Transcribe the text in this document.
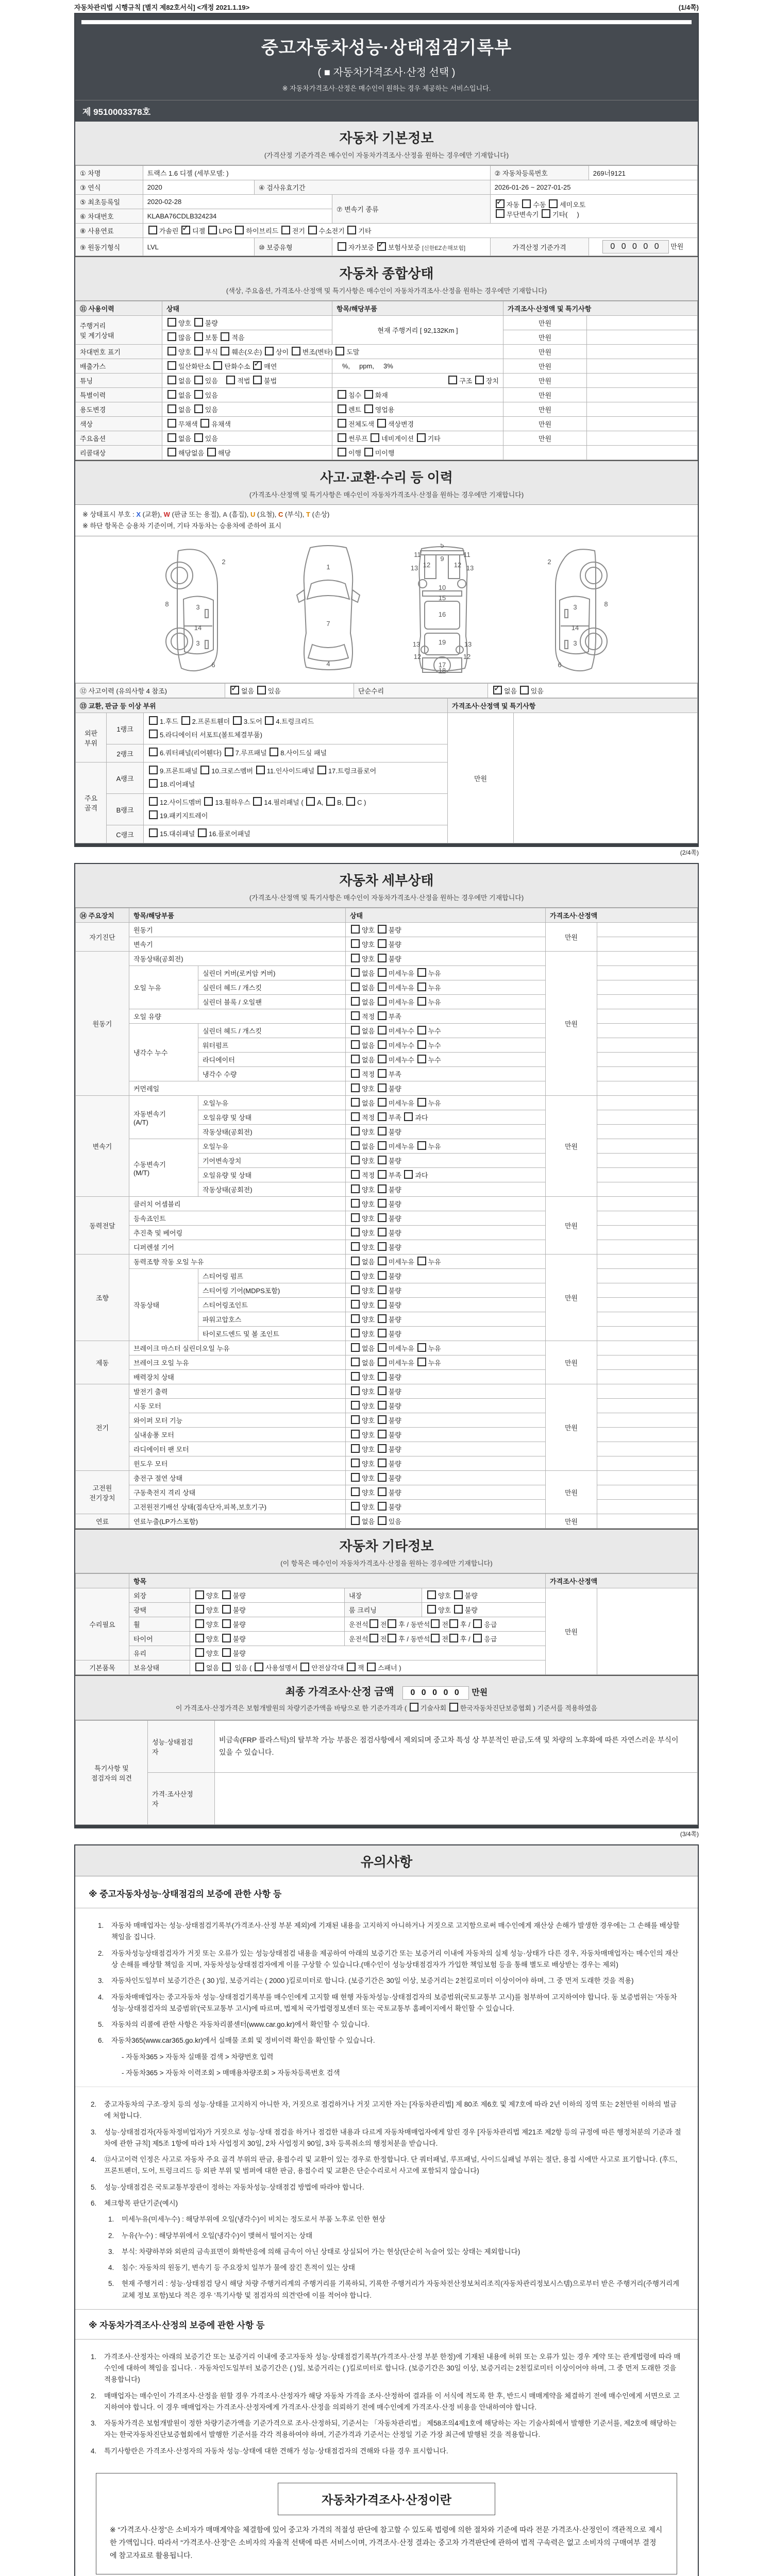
자동차관리법 시행규칙 [별지 제82호서식] <개정 2021.1.19>	(1/4쪽)
중고자동차성능·상태점검기록부
( ■ 자동차가격조사·산정 선택 )
※ 자동차가격조사·산정은 매수인이 원하는 경우 제공하는 서비스입니다.
제 9510003378호
자동차 기본정보
(가격산정 기준가격은 매수인이 자동차가격조사·산정을 원하는 경우에만 기재합니다)
① 차명	트랙스 1.6 디젤 (세부모델: )			② 자동차등록번호	269너9121
③ 연식	2020	④ 검사유효기간		2026-01-26 ~ 2027-01-25	
⑤ 최초등록일	2020-02-28		⑦ 변속기 종류	✓자동 수동 세미오토
무단변속기 기타(     )
⑥ 차대번호	KLABA76CDLB324234				
⑧ 사용연료	가솔린 ✓디젤 LPG 하이브리드 전기 수소전기 기타
⑨ 원동기형식	LVL	⑩ 보증유형	자가보증 ✓보험사보증 [신한EZ손해보험]	가격산정 기준가격	0 0 0 0 0 만원
자동차 종합상태
(색상, 주요옵션, 가격조사·산정액 및 특기사항은 매수인이 자동차가격조사·산정을 원하는 경우에만 기재합니다)
⑪ 사용이력	상태	항목/해당부품	가격조사·산정액 및 특기사항	
주행거리
및 계기상태	양호 불량	현재 주행거리 [ 92,132Km ]	만원	
	많음 보통 적음		만원	
차대번호 표기	양호 부식 훼손(오손) 상이 변조(변타) 도말		만원	
배출가스	일산화탄소 탄화수소 ✓매연	%,     ppm,     3%	만원	
튜닝	없음 있음    적법 불법	구조 장치	만원	
특별이력	없음 있음	침수 화재	만원	
용도변경	없음 있음	렌트 영업용	만원	
색상	무채색 유채색	전체도색 색상변경	만원	
주요옵션	없음 있음	썬루프 네비게이션 기타	만원	
리콜대상	해당없음 해당	이행 미이행		
사고·교환·수리 등 이력
(가격조사·산정액 및 특기사항은 매수인이 자동차가격조사·산정을 원하는 경우에만 기재합니다)
※ 상태표시 부호 : X (교환), W (판금 또는 용접), A (흠집), U (요철), C (부식), T (손상)
※ 하단 항목은 승용차 기준이며, 기타 자동차는 승용차에 준하여 표시
2
8	3
14
3
6
1
7
4
5
9
11	11
13	13
12	12
10
15
16
19
13	13
12	12
17
18
2
8
3
14
3
6
⑫ 사고이력 (유의사항 4 참조)	✓없음 있음	단순수리	✓없음 있음
⑬ 교환, 판금 등 이상 부위			가격조사·산정액 및 특기사항	
외판
부위	1랭크	1.후드 2.프론트휀더 3.도어 4.트렁크리드
5.라디에이터 서포트(볼트체결부품)	만원	
	2랭크	6.쿼터패널(리어휀다) 7.루프패널 8.사이드실 패널		
주요
골격	A랭크	9.프론트패널 10.크로스멤버 11.인사이드패널 17.트렁크플로어
18.리어패널		
	B랭크	12.사이드멤버 13.휠하우스 14.필러패널 ( A, B, C )
19.패키지트레이		
	C랭크	15.대쉬패널 16.플로어패널		
(2/4쪽)
자동차 세부상태
(가격조사·산정액 및 특기사항은 매수인이 자동차가격조사·산정을 원하는 경우에만 기재합니다)
⑭ 주요장치	항목/해당부품		상태	가격조사·산정액	
자기진단	원동기		양호 불량	만원	
	변속기		양호 불량		
원동기	작동상태(공회전)		양호 불량	만원	
	오일 누유	실린더 커버(로커암 커버)	없음 미세누유 누유		
		실린더 헤드 / 개스킷	없음 미세누유 누유		
		실린더 블록 / 오일팬	없음 미세누유 누유		
	오일 유량		적정 부족		
	냉각수 누수	실린더 헤드 / 개스킷	없음 미세누수 누수		
		워터펌프	없음 미세누수 누수		
		라디에이터	없음 미세누수 누수		
		냉각수 수량	적정 부족		
	커먼레일		양호 불량		
변속기	자동변속기
(A/T)	오일누유	없음 미세누유 누유	만원	
		오일유량 및 상태	적정 부족 과다		
		작동상태(공회전)	양호 불량		
	수동변속기
(M/T)	오일누유	없음 미세누유 누유		
		기어변속장치	양호 불량		
		오일유량 및 상태	적정 부족 과다		
		작동상태(공회전)	양호 불량		
동력전달	클러치 어셈블리		양호 불량	만원	
	등속죠인트		양호 불량		
	추진축 및 베어링		양호 불량		
	디퍼렌셜 기어		양호 불량		
조향	동력조향 작동 오일 누유		없음 미세누유 누유	만원	
	작동상태	스티어링 펌프	양호 불량		
		스티어링 기어(MDPS포함)	양호 불량		
		스티어링조인트	양호 불량		
		파워고압호스	양호 불량		
		타이로드엔드 및 볼 조인트	양호 불량		
제동	브레이크 마스터 실린더오일 누유		없음 미세누유 누유	만원	
	브레이크 오일 누유		없음 미세누유 누유		
	배력장치 상태		양호 불량		
전기	발전기 출력		양호 불량	만원	
	시동 모터		양호 불량		
	와이퍼 모터 기능		양호 불량		
	실내송풍 모터		양호 불량		
	라디에이터 팬 모터		양호 불량		
	윈도우 모터		양호 불량		
고전원
전기장치	충전구 절연 상태		양호 불량	만원	
	구동축전지 격리 상태		양호 불량		
	고전원전기배선 상태(접속단자,피복,보호기구)		양호 불량		
연료	연료누출(LP가스포함)		없음 있음	만원	
자동차 기타정보
(이 항목은 매수인이 자동차가격조사·산정을 원하는 경우에만 기재합니다)
	항목				가격조사·산정액	
수리필요	외장	양호 불량	내장	양호 불량	만원	
	광택	양호 불량	룸 크리닝	양호 불량		
	휠	양호 불량	운전석 전 후 / 동반석 전 후 / 응급			
	타이어	양호 불량	운전석 전 후 / 동반석 전 후 / 응급			
	유리	양호 불량				
기본품목	보유상태	없음  있음 ( 사용설명서 안전삼각대 잭 스패너 )				
최종 가격조사·산정 금액 0 0 0 0 0 만원
이 가격조사·산정가격은 보험개발원의 차량기준가액을 바탕으로 한 기준가격과 ( 기술사회 한국자동차진단보증협회 ) 기준서를 적용하였음
특기사항 및
점검자의 의견	성능·상태점검
자	비금속(FRP 플라스틱)의 탈부착 가능 부품은 점검사항에서 제외되며 중고차 특성 상 부분적인 판금,도색 및 차량의 노후화에 따른 자연스러운 부식이 있을 수 있습니다.
	가격·조사산정
자	
(3/4쪽)
유의사항
※ 중고자동차성능·상태점검의 보증에 관한 사항 등
1.	자동차 매매업자는 성능·상태점검기록부(가격조사·산정 부분 제외)에 기재된 내용을 고지하지 아니하거나 거짓으로 고지함으로써 매수인에게 재산상 손해가 발생한 경우에는 그 손해를 배상할 책임을 집니다.
2.	자동차성능상태점검자가 거짓 또는 오류가 있는 성능상태점검 내용을 제공하여 아래의 보증기간 또는 보증거리 이내에 자동차의 실제 성능·상태가 다른 경우, 자동차매매업자는 매수인의 재산상 손해를 배상할 책임을 지며, 자동차성능상태점검자에게 이를 구상할 수 있습니다.(매수인이 성능상태점검자가 가입한 책임보험 등을 통해 별도로 배상받는 경우는 제외)
3.	자동차인도일부터 보증기간은 ( 30 )일, 보증거리는 ( 2000 )킬로미터로 합니다. (보증기간은 30일 이상, 보증거리는 2천킬로미터 이상이어야 하며, 그 중 먼저 도래한 것을 적용)
4.	자동차매매업자는 중고자동차 성능·상태점검기록부를 매수인에게 고지할 때 현행 자동차성능·상태점검자의 보증범위(국토교통부 고시)를 첨부하여 고지하여야 합니다. 동 보증범위는 '자동차성능·상태점검자의 보증범위'(국토교통부 고시)에 따르며, 법제처 국가법령정보센터 또는 국토교통부 홈페이지에서 확인할 수 있습니다.
5.	자동차의 리콜에 관한 사항은 자동차리콜센터(www.car.go.kr)에서 확인할 수 있습니다.
6.	자동차365(www.car365.go.kr)에서 실매물 조회 및 정비이력 확인을 확인할 수 있습니다.
- 자동차365 > 자동차 실매물 검색 > 차량번호 입력
- 자동차365 > 자동차 이력조회 > 매매용차량조회 > 자동차등록번호 검색
2.	중고자동차의 구조·장치 등의 성능·상태를 고지하지 아니한 자, 거짓으로 점검하거나 거짓 고지한 자는 [자동차관리법] 제 80조 제6호 및 제7호에 따라 2년 이하의 징역 또는 2천만원 이하의 벌금에 처합니다.
3.	성능·상태점검자(자동차정비업자)가 거짓으로 성능·상태 점검을 하거나 점검한 내용과 다르게 자동차매매업자에게 알린 경우 [자동차관리법 제21조 제2항 등의 규정에 따른 행정처분의 기준과 절차에 관한 규칙] 제5조 1항에 따라 1차 사업정지 30일, 2차 사업정지 90일, 3차 등록취소의 행정처분을 받습니다.
4.	⑫사고이력 인정은 사고로 자동차 주요 골격 부위의 판금, 용접수리 및 교환이 있는 경우로 한정합니다. 단 쿼터패널, 루프패널, 사이드실패널 부위는 절단, 용접 시에만 사고로 표기합니다. (후드, 프론트펜더, 도어, 트렁크리드 등 외판 부위 및 범퍼에 대한 판금, 용접수리 및 교환은 단순수리로서 사고에 포함되지 않습니다)
5.	성능·상태점검은 국토교통부장관이 정하는 자동차성능·상태점검 방법에 따라야 합니다.
6.	체크항목 판단기준(예시)
1.	미세누유(미세누수) : 해당부위에 오일(냉각수)이 비치는 정도로서 부품 노후로 인한 현상
2.	누유(누수) : 해당부위에서 오일(냉각수)이 맺혀서 떨어지는 상태
3.	부식: 차량하부와 외판의 금속표면이 화학반응에 의해 금속이 아닌 상태로 상실되어 가는 현상(단순히 녹슬어 있는 상태는 제외합니다)
4.	침수: 자동차의 원동기, 변속기 등 주요장치 일부가 물에 잠긴 흔적이 있는 상태
5.	현재 주행거리 : 성능·상태점검 당시 해당 차량 주행거리계의 주행거리를 기록하되, 기록한 주행거리가 자동차전산정보처리조직(자동차관리정보시스템)으로부터 받은 주행거리(주행거리계 교체 정보 포함)보다 적은 경우 '특기사항 및 점검자의 의견'란에 이를 적어야 합니다.
※ 자동차가격조사·산정의 보증에 관한 사항 등
1.	가격조사·산정자는 아래의 보증기간 또는 보증거리 이내에 중고자동차 성능·상태점검기록부(가격조사·산정 부분 한정)에 기재된 내용에 허위 또는 오류가 있는 경우 계약 또는 관계법령에 따라 매수인에 대하여 책임을 집니다. · 자동차인도일부터 보증기간은 ( )일, 보증거리는 ( )킬로미터로 합니다. (보증기간은 30일 이상, 보증거리는 2천킬로미터 이상이어야 하며, 그 중 먼저 도래한 것을 적용합니다)
2.	매매업자는 매수인이 가격조사·산정을 원할 경우 가격조사·산정자가 해당 자동차 가격을 조사·산정하여 결과를 이 서식에 적도록 한 후, 반드시 매매계약을 체결하기 전에 매수인에게 서면으로 고지하여야 합니다. 이 경우 매매업자는 가격조사·산정자에게 가격조사·산정을 의뢰하기 전에 매수인에게 가격조사·산정 비용을 안내하여야 합니다.
3.	자동차가격은 보험개발원이 정한 차량기준가액을 기준가격으로 조사·산정하되, 기준서는 「자동차관리법」 제58조의4제1호에 해당하는 자는 기술사회에서 발행한 기준서를, 제2호에 해당하는 자는 한국자동차진단보증협회에서 발행한 기준서를 각각 적용하여야 하며, 기준가격과 기준서는 산정일 기준 가장 최근에 발행된 것을 적용합니다.
4.	특기사항란은 가격조사·산정자의 자동차 성능·상태에 대한 견해가 성능·상태점검자의 견해와 다를 경우 표시합니다.
자동차가격조사·산정이란
※ “가격조사·산정”은 소비자가 매매계약을 체결함에 있어 중고차 가격의 적절성 판단에 참고할 수 있도록 법령에 의한 절차와 기준에 따라 전문 가격조사·산정인이 객관적으로 제시한 가액입니다. 따라서 “가격조사·산정”은 소비자의 자율적 선택에 따른 서비스이며, 가격조사·산정 결과는 중고차 가격판단에 관하여 법적 구속력은 없고 소비자의 구매여부 결정에 참고자료로 활용됩니다.
